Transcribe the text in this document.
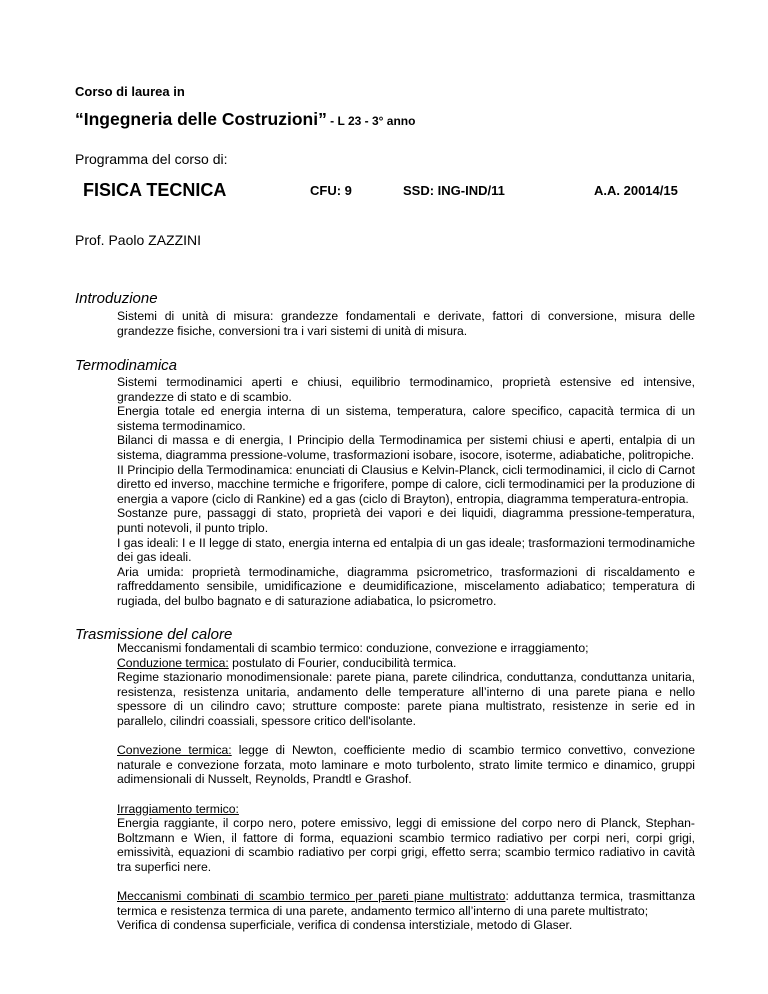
Corso di laurea in
“Ingegneria delle Costruzioni” - L 23 - 3° anno
Programma del corso di:
FISICA TECNICA	CFU: 9	SSD: ING-IND/11	A.A. 20014/15
Prof. Paolo ZAZZINI
Introduzione

Sistemi di unità di misura: grandezze fondamentali e derivate, fattori di conversione, misura delle grandezze fisiche, conversioni tra i vari sistemi di unità di misura.

Termodinamica

Sistemi termodinamici aperti e chiusi, equilibrio termodinamico, proprietà estensive ed intensive, grandezze di stato e di scambio.

Energia totale ed energia interna di un sistema, temperatura, calore specifico, capacità termica di un sistema termodinamico.

Bilanci di massa e di energia, I Principio della Termodinamica per sistemi chiusi e aperti, entalpia di un sistema, diagramma pressione-volume, trasformazioni isobare, isocore, isoterme, adiabatiche, politropiche.

II Principio della Termodinamica: enunciati di Clausius e Kelvin-Planck, cicli termodinamici, il ciclo di Carnot diretto ed inverso, macchine termiche e frigorifere, pompe di calore, cicli termodinamici per la produzione di energia a vapore (ciclo di Rankine) ed a gas (ciclo di Brayton), entropia, diagramma temperatura-entropia.

Sostanze pure, passaggi di stato, proprietà dei vapori e dei liquidi, diagramma pressione-temperatura, punti notevoli, il punto triplo.

I gas ideali: I e II legge di stato, energia interna ed entalpia di un gas ideale; trasformazioni termodinamiche dei gas ideali.

Aria umida: proprietà termodinamiche, diagramma psicrometrico, trasformazioni di riscaldamento e raffreddamento sensibile, umidificazione e deumidificazione, miscelamento adiabatico; temperatura di rugiada, del bulbo bagnato e di saturazione adiabatica, lo psicrometro.

Trasmissione del calore

Meccanismi fondamentali di scambio termico: conduzione, convezione e irraggiamento;

Conduzione termica: postulato di Fourier, conducibilità termica.

Regime stazionario monodimensionale: parete piana, parete cilindrica, conduttanza, conduttanza unitaria, resistenza, resistenza unitaria, andamento delle temperature all’interno di una parete piana e nello spessore di un cilindro cavo; strutture composte: parete piana multistrato, resistenze in serie ed in parallelo, cilindri coassiali, spessore critico dell'isolante.

Convezione termica: legge di Newton, coefficiente medio di scambio termico convettivo, convezione naturale e convezione forzata, moto laminare e moto turbolento, strato limite termico e dinamico, gruppi adimensionali di Nusselt, Reynolds, Prandtl e Grashof.

Irraggiamento termico:

Energia raggiante, il corpo nero, potere emissivo, leggi di emissione del corpo nero di Planck, Stephan-Boltzmann e Wien, il fattore di forma, equazioni scambio termico radiativo per corpi neri, corpi grigi, emissività, equazioni di scambio radiativo per corpi grigi, effetto serra; scambio termico radiativo in cavità tra superfici nere.

Meccanismi combinati di scambio termico per pareti piane multistrato: adduttanza termica, trasmittanza termica e resistenza termica di una parete, andamento termico all’interno di una parete multistrato;

Verifica di condensa superficiale, verifica di condensa interstiziale, metodo di Glaser.
